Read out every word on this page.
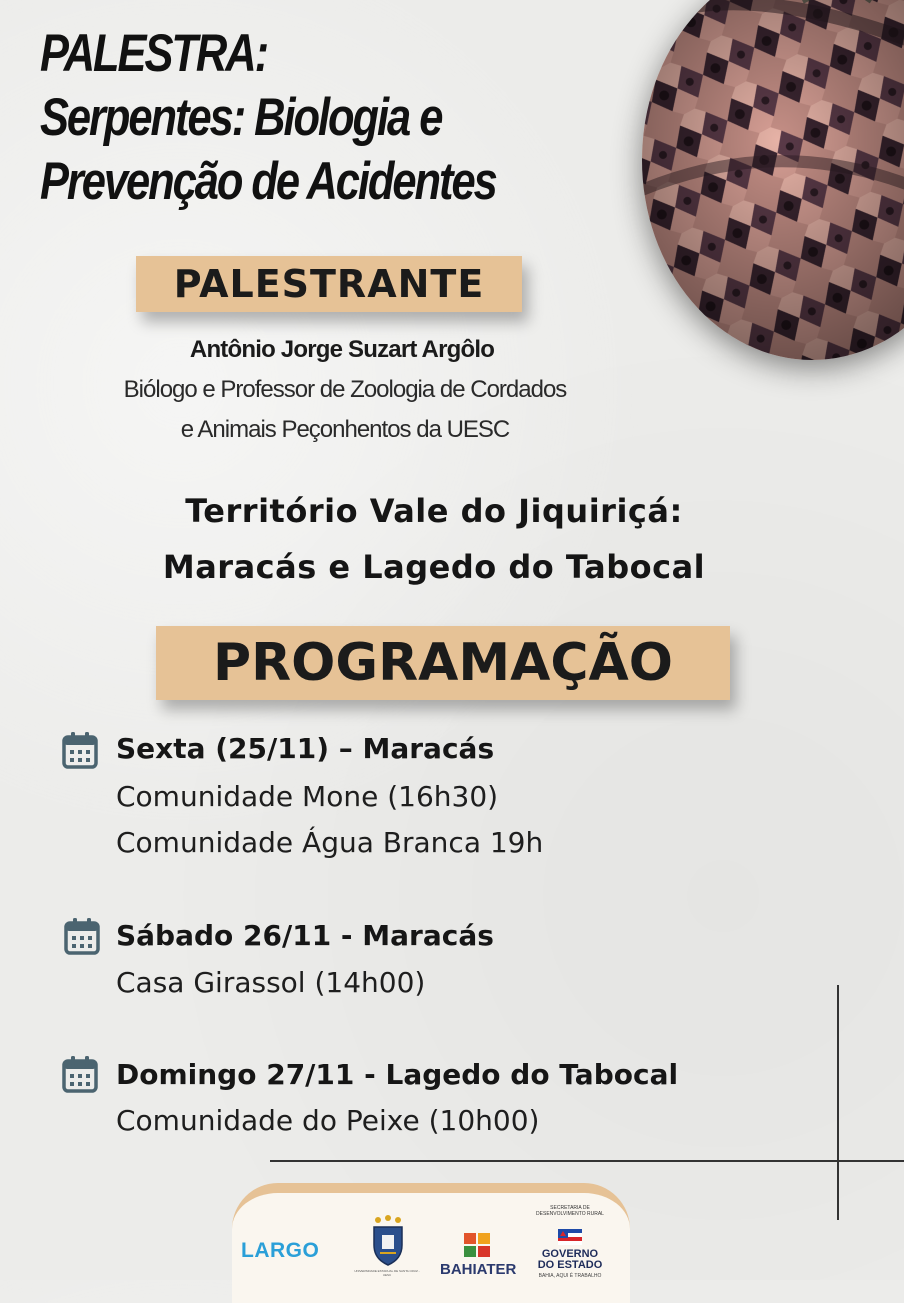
PALESTRA:
Serpentes: Biologia e
Prevenção de Acidentes
PALESTRANTE
Antônio Jorge Suzart Argôlo
Biólogo e Professor de Zoologia de Cordados
e Animais Peçonhentos da UESC
Território Vale do Jiquiriçá:
Maracás e Lagedo do Tabocal
PROGRAMAÇÃO
Sexta (25/11) – Maracás
Comunidade Mone (16h30)
Comunidade Água Branca 19h
Sábado 26/11 - Maracás
Casa Girassol (14h00)
Domingo 27/11 - Lagedo do Tabocal
Comunidade do Peixe (10h00)
LARGO
UNIVERSIDADE ESTADUAL DE SANTA CRUZ - UESC	BAHIATER
SECRETARIA DE DESENVOLVIMENTO RURAL
GOVERNO
DO ESTADO
BAHIA, AQUI É TRABALHO
